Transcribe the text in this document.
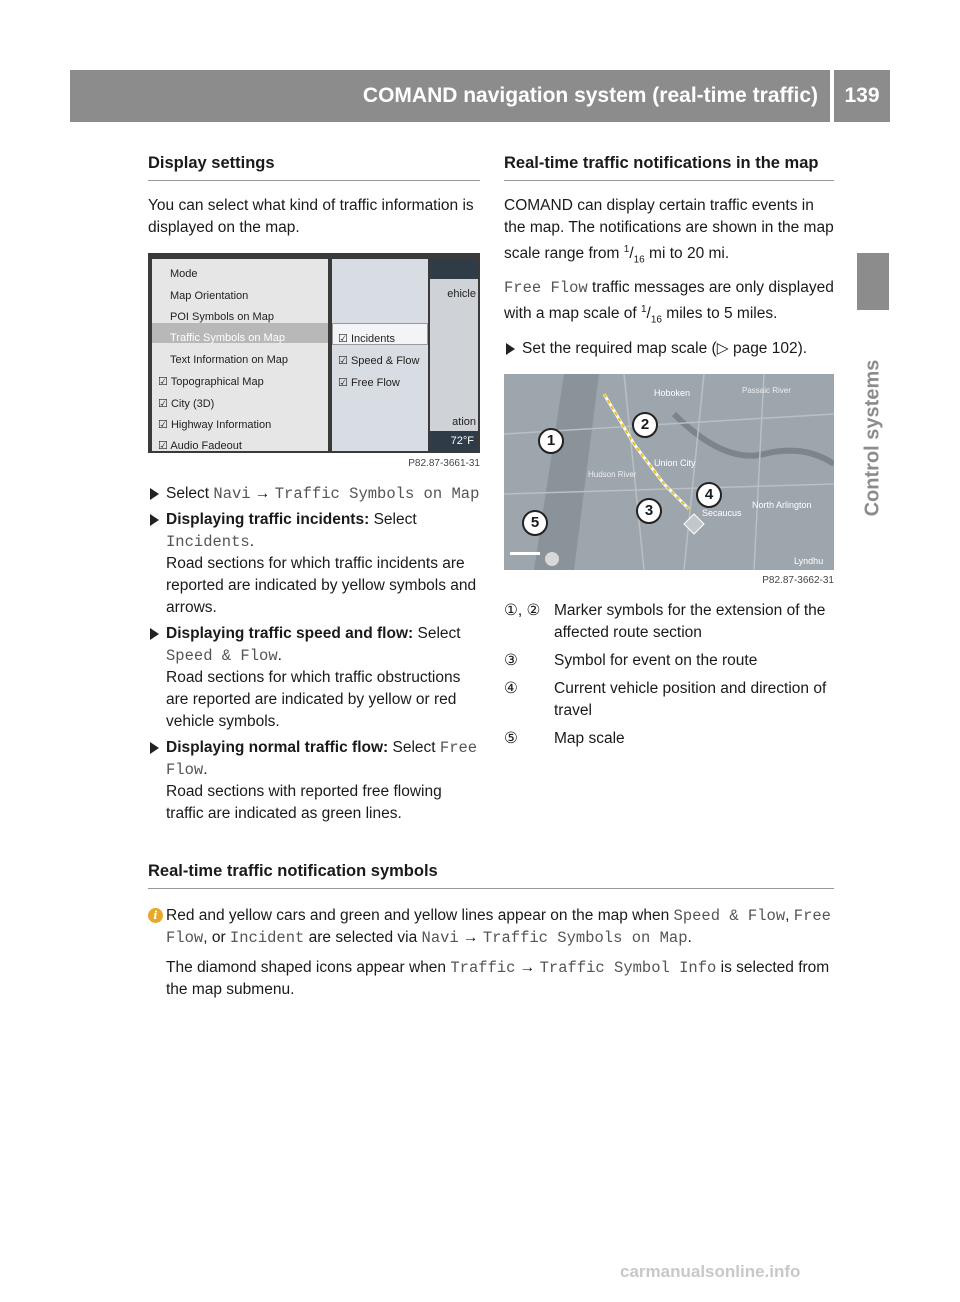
COMAND navigation system (real-time traffic)	139
Control systems
Display settings

You can select what kind of traffic information is displayed on the map.

Mode
Map Orientation
POI Symbols on Map
Traffic Symbols on Map
Text Information on Map
☑ Topographical Map
☑ City (3D)
☑ Highway Information
☑ Audio Fadeout
☑ Incidents
☑ Speed & Flow
☑ Free Flow
ehicle
ation
72°F
P82.87-3661-31
Select Navi → Traffic Symbols on Map
Displaying traffic incidents: Select Incidents.
Road sections for which traffic incidents are reported are indicated by yellow symbols and arrows.
Displaying traffic speed and flow: Select Speed & Flow.
Road sections for which traffic obstructions are reported are indicated by yellow or red vehicle symbols.
Displaying normal traffic flow: Select Free Flow.
Road sections with reported free flowing traffic are indicated as green lines.
Real-time traffic notifications in the map

COMAND can display certain traffic events in the map. The notifications are shown in the map scale range from $^1/_{16}$ mi to 20 mi.

Free Flow traffic messages are only displayed with a map scale of $^1/_{16}$ miles to 5 miles.

Set the required map scale (▷ page 102).
Hoboken
Union City
Secaucus
North Arlington
Lyndhu
Passaic River
Hudson River
1
2
3
4
5
P82.87-3662-31
①, ② Marker symbols for the extension of the affected route section
③	Symbol for event on the route
④	Current vehicle position and direction of travel
⑤	Map scale
Real-time traffic notification symbols
i Red and yellow cars and green and yellow lines appear on the map when Speed & Flow, Free Flow, or Incident are selected via Navi → Traffic Symbols on Map.

The diamond shaped icons appear when Traffic → Traffic Symbol Info is selected from the map submenu.

carmanualsonline.info
